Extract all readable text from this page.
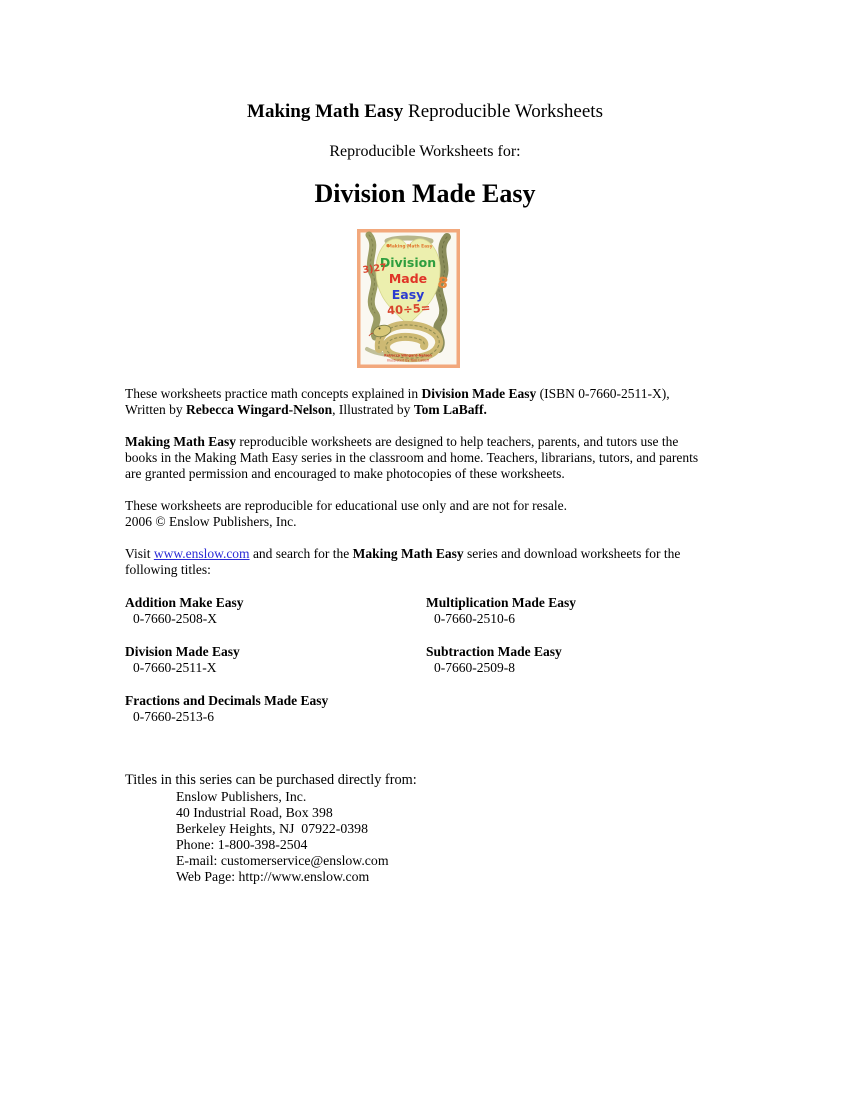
Making Math Easy Reproducible Worksheets
Reproducible Worksheets for:
Division Made Easy
Making Math Easy
Division
Made
Easy
3)27
8
40÷5=
Rebecca Wingard-Nelson
Illustrated by Tom LaBaff
These worksheets practice math concepts explained in Division Made Easy (ISBN 0-7660-2511-X),
Written by Rebecca Wingard-Nelson, Illustrated by Tom LaBaff.
Making Math Easy reproducible worksheets are designed to help teachers, parents, and tutors use the
books in the Making Math Easy series in the classroom and home. Teachers, librarians, tutors, and parents
are granted permission and encouraged to make photocopies of these worksheets.
These worksheets are reproducible for educational use only and are not for resale.
2006 © Enslow Publishers, Inc.
Visit www.enslow.com and search for the Making Math Easy series and download worksheets for the
following titles:
Addition Make Easy
0-7660-2508-X
Division Made Easy
0-7660-2511-X
Fractions and Decimals Made Easy
0-7660-2513-6
Multiplication Made Easy
0-7660-2510-6
Subtraction Made Easy
0-7660-2509-8
Titles in this series can be purchased directly from:
Enslow Publishers, Inc.
40 Industrial Road, Box 398
Berkeley Heights, NJ  07922-0398
Phone: 1-800-398-2504
E-mail: customerservice@enslow.com
Web Page: http://www.enslow.com
